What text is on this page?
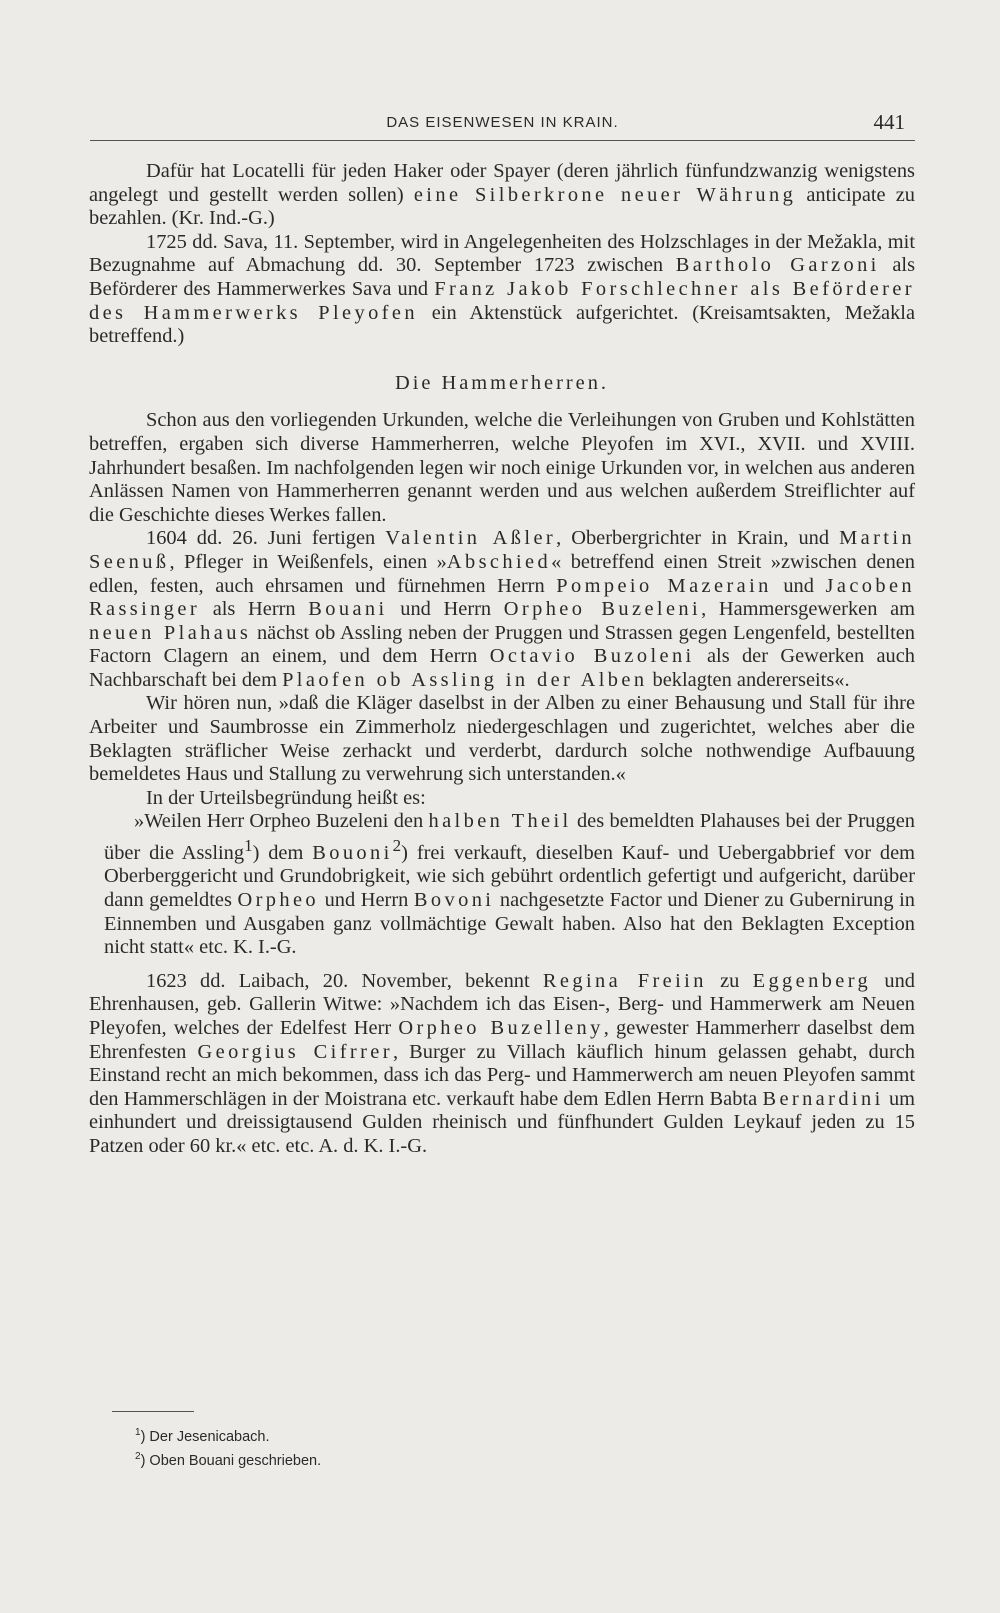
DAS EISENWESEN IN KRAIN.	441

Dafür hat Locatelli für jeden Haker oder Spayer (deren jährlich fünfundzwanzig wenigstens angelegt und gestellt werden sollen) eine Silberkrone neuer Währung anticipate zu bezahlen. (Kr. Ind.-G.)

1725 dd. Sava, 11. September, wird in Angelegenheiten des Holzschlages in der Mežakla, mit Bezugnahme auf Abmachung dd. 30. September 1723 zwischen Bartholo Garzoni als Beförderer des Hammerwerkes Sava und Franz Jakob Forschlechner als Beförderer des Hammerwerks Pleyofen ein Aktenstück aufgerichtet. (Kreisamtsakten, Mežakla betreffend.)

Die Hammerherren.

Schon aus den vorliegenden Urkunden, welche die Verleihungen von Gruben und Kohlstätten betreffen, ergaben sich diverse Hammerherren, welche Pleyofen im XVI., XVII. und XVIII. Jahrhundert besaßen. Im nachfolgenden legen wir noch einige Urkunden vor, in welchen aus anderen Anlässen Namen von Hammerherren genannt werden und aus welchen außerdem Streiflichter auf die Geschichte dieses Werkes fallen.

1604 dd. 26. Juni fertigen Valentin Aßler, Oberbergrichter in Krain, und Martin Seenuß, Pfleger in Weißenfels, einen »Abschied« betreffend einen Streit »zwischen denen edlen, festen, auch ehrsamen und fürnehmen Herrn Pompeio Mazerain und Jacoben Rassinger als Herrn Bouani und Herrn Orpheo Buzeleni, Hammersgewerken am neuen Plahaus nächst ob Assling neben der Pruggen und Strassen gegen Lengenfeld, bestellten Factorn Clagern an einem, und dem Herrn Octavio Buzoleni als der Gewerken auch Nachbarschaft bei dem Plaofen ob Assling in der Alben beklagten andererseits«.

Wir hören nun, »daß die Kläger daselbst in der Alben zu einer Behausung und Stall für ihre Arbeiter und Saumbrosse ein Zimmerholz niedergeschlagen und zugerichtet, welches aber die Beklagten sträflicher Weise zerhackt und verderbt, dardurch solche nothwendige Aufbauung bemeldetes Haus und Stallung zu verwehrung sich unterstanden.«

In der Urteilsbegründung heißt es:

»Weilen Herr Orpheo Buzeleni den halben Theil des bemeldten Plahauses bei der Pruggen über die Assling$^1$) dem Bouoni$^2$) frei verkauft, dieselben Kauf- und Uebergabbrief vor dem Oberberggericht und Grundobrigkeit, wie sich gebührt ordentlich gefertigt und aufgericht, darüber dann gemeldtes Orpheo und Herrn Bovoni nachgesetzte Factor und Diener zu Gubernirung in Einnemben und Ausgaben ganz vollmächtige Gewalt haben. Also hat den Beklagten Exception nicht statt« etc. K. I.-G.

1623 dd. Laibach, 20. November, bekennt Regina Freiin zu Eggenberg und Ehrenhausen, geb. Gallerin Witwe: »Nachdem ich das Eisen-, Berg- und Hammerwerk am Neuen Pleyofen, welches der Edelfest Herr Orpheo Buzelleny, gewester Hammerherr daselbst dem Ehrenfesten Georgius Cifrrer, Burger zu Villach käuflich hinum gelassen gehabt, durch Einstand recht an mich bekommen, dass ich das Perg- und Hammerwerch am neuen Pleyofen sammt den Hammerschlägen in der Moistrana etc. verkauft habe dem Edlen Herrn Babta Bernardini um einhundert und dreissigtausend Gulden rheinisch und fünfhundert Gulden Leykauf jeden zu 15 Patzen oder 60 kr.« etc. etc. A. d. K. I.-G.

$^1$) Der Jesenicabach.
$^2$) Oben Bouani geschrieben.
